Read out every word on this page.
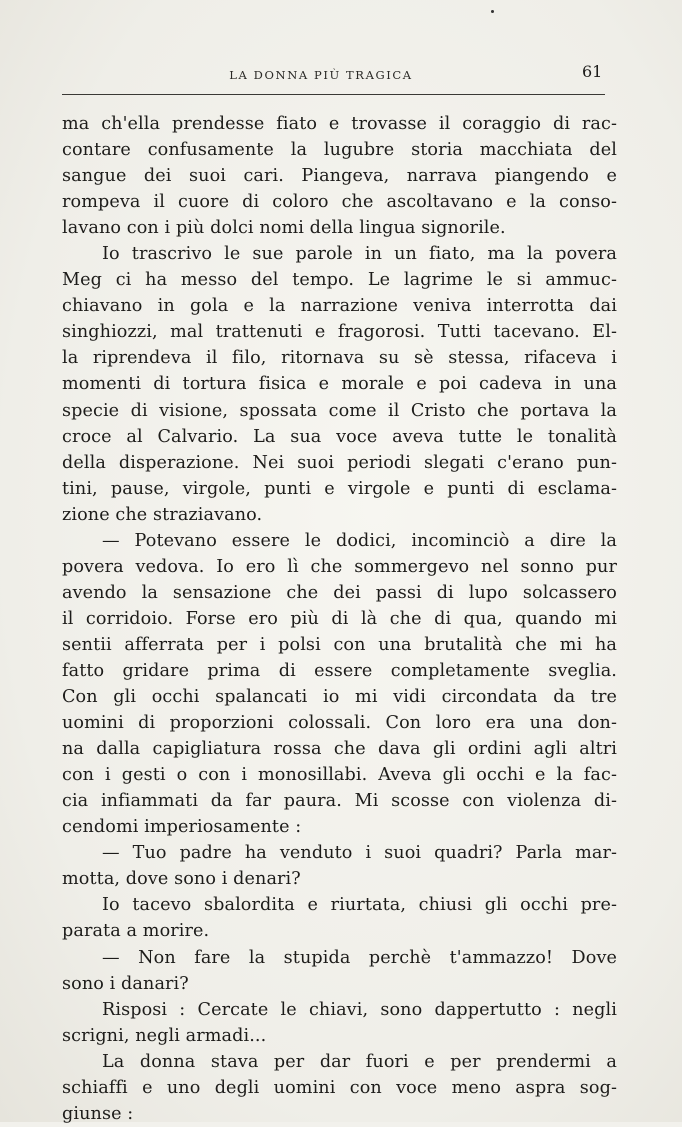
LA DONNA PIÙ TRAGICA	61
ma ch'ella prendesse fiato e trovasse il coraggio di rac-
contare confusamente la lugubre storia macchiata del
sangue dei suoi cari. Piangeva, narrava piangendo e
rompeva il cuore di coloro che ascoltavano e la conso-
lavano con i più dolci nomi della lingua signorile.
Io trascrivo le sue parole in un fiato, ma la povera
Meg ci ha messo del tempo. Le lagrime le si ammuc-
chiavano in gola e la narrazione veniva interrotta dai
singhiozzi, mal trattenuti e fragorosi. Tutti tacevano. El-
la riprendeva il filo, ritornava su sè stessa, rifaceva i
momenti di tortura fisica e morale e poi cadeva in una
specie di visione, spossata come il Cristo che portava la
croce al Calvario. La sua voce aveva tutte le tonalità
della disperazione. Nei suoi periodi slegati c'erano pun-
tini, pause, virgole, punti e virgole e punti di esclama-
zione che straziavano.
— Potevano essere le dodici, incominciò a dire la
povera vedova. Io ero lì che sommergevo nel sonno pur
avendo la sensazione che dei passi di lupo solcassero
il corridoio. Forse ero più di là che di qua, quando mi
sentii afferrata per i polsi con una brutalità che mi ha
fatto gridare prima di essere completamente sveglia.
Con gli occhi spalancati io mi vidi circondata da tre
uomini di proporzioni colossali. Con loro era una don-
na dalla capigliatura rossa che dava gli ordini agli altri
con i gesti o con i monosillabi. Aveva gli occhi e la fac-
cia infiammati da far paura. Mi scosse con violenza di-
cendomi imperiosamente :
— Tuo padre ha venduto i suoi quadri? Parla mar-
motta, dove sono i denari?
Io tacevo sbalordita e riurtata, chiusi gli occhi pre-
parata a morire.
— Non fare la stupida perchè t'ammazzo! Dove
sono i danari?
Risposi : Cercate le chiavi, sono dappertutto : negli
scrigni, negli armadi...
La donna stava per dar fuori e per prendermi a
schiaffi e uno degli uomini con voce meno aspra sog-
giunse :
